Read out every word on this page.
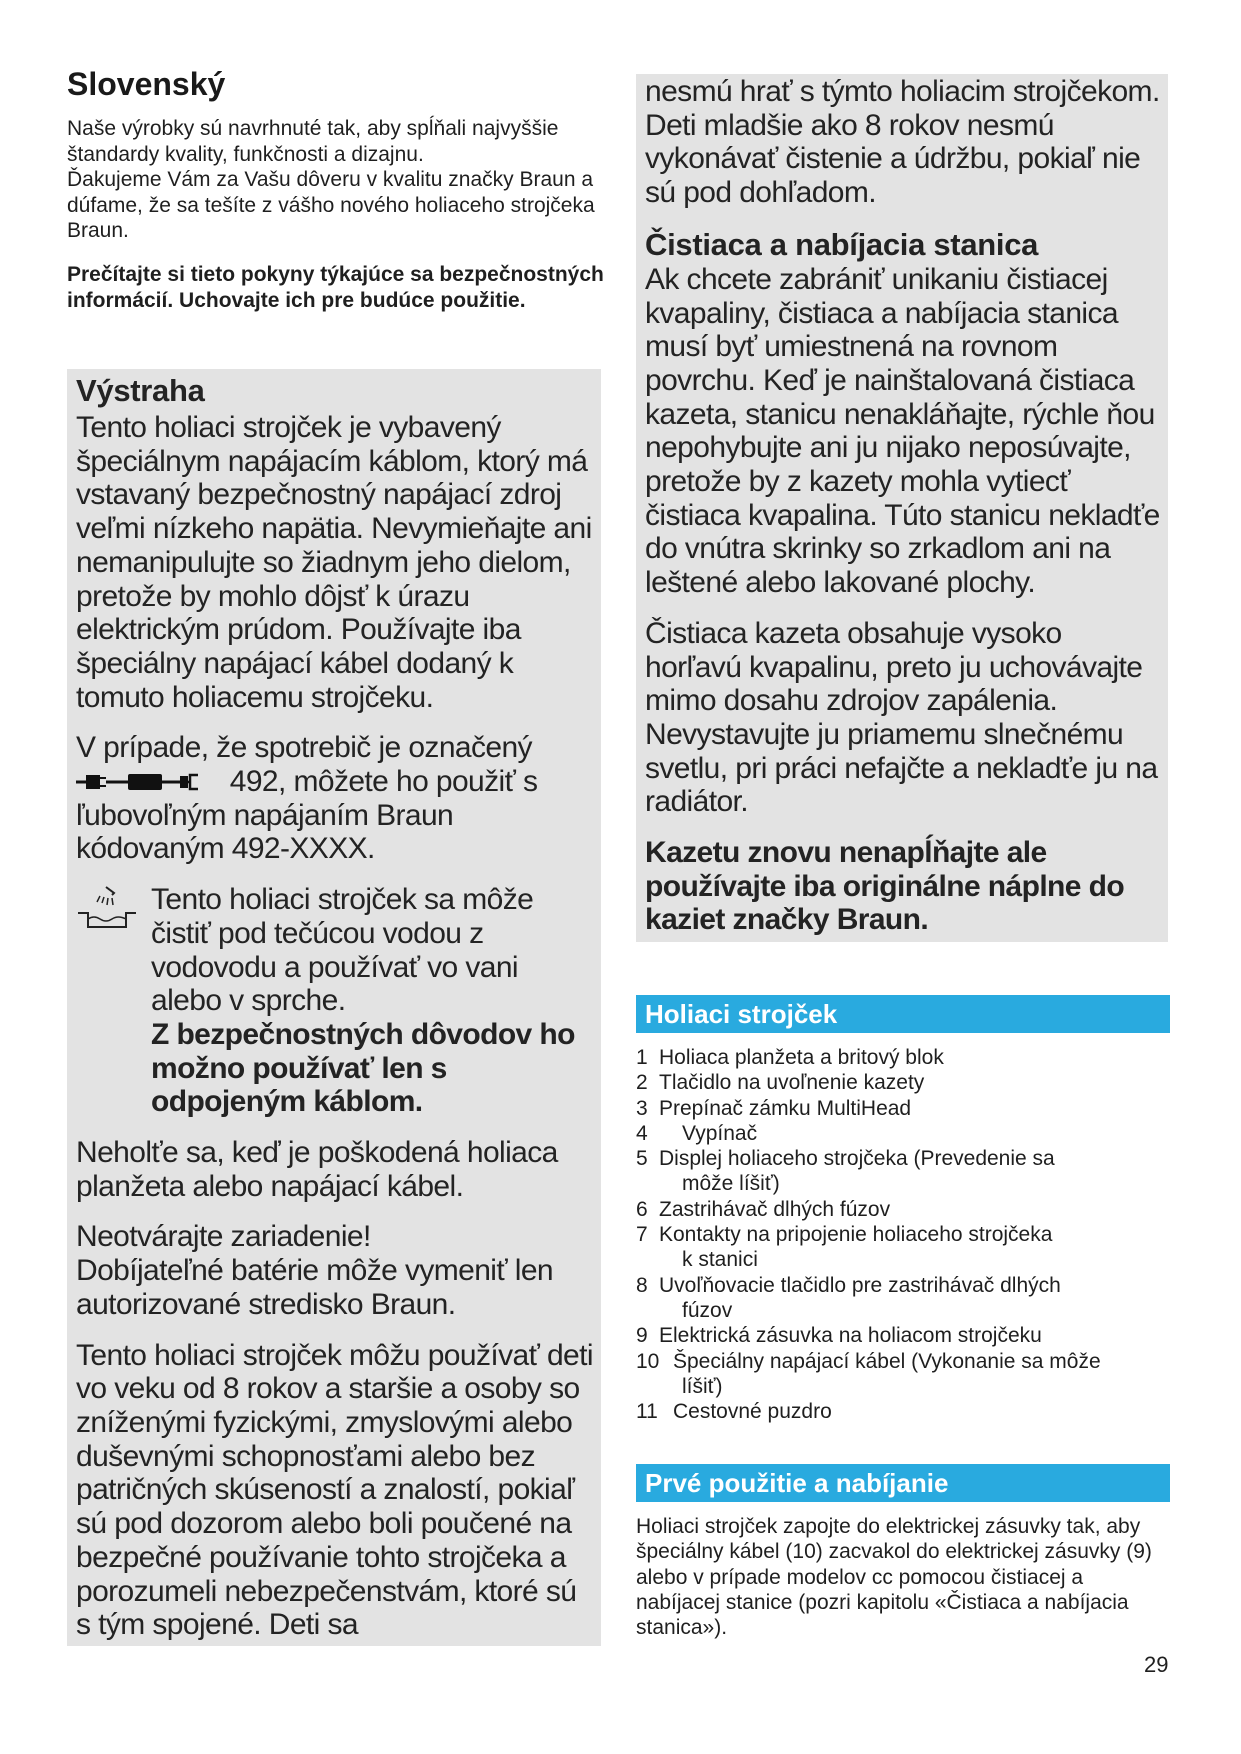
Slovenský

Naše výrobky sú navrhnuté tak, aby spĺňali najvyššie štandardy kvality, funkčnosti a dizajnu.

Ďakujeme Vám za Vašu dôveru v kvalitu značky Braun a dúfame, že sa tešíte z vášho nového holiaceho strojčeka Braun.

Prečítajte si tieto pokyny týkajúce sa bezpečnostných informácií. Uchovajte ich pre budúce použitie.

Výstraha

Tento holiaci strojček je vybavený špeciálnym napájacím káblom, ktorý má vstavaný bezpečnostný napájací zdroj veľmi nízkeho napätia. Nevymieňajte ani nemanipulujte so žiadnym jeho dielom, pretože by mohlo dôjsť k úrazu elektrickým prúdom. Používajte iba špeciálny napájací kábel dodaný k tomuto holiacemu strojčeku.

V prípade, že spotrebič je označený
492, môžete ho použiť s ľubovoľným napájaním Braun kódovaným 492-XXXX.

Tento holiaci strojček sa môže čistiť pod tečúcou vodou z vodovodu a používať vo vani alebo v sprche.
Z bezpečnostných dôvodov ho možno používať len s odpojeným káblom.

Neholťe sa, keď je poškodená holiaca planžeta alebo napájací kábel.

Neotvárajte zariadenie!
Dobíjateľné batérie môže vymeniť len autorizované stredisko Braun.

Tento holiaci strojček môžu používať deti vo veku od 8 rokov a staršie a osoby so zníženými fyzickými, zmyslovými alebo duševnými schopnosťami alebo bez patričných skúseností a znalostí, pokiaľ sú pod dozorom alebo boli poučené na bezpečné používanie tohto strojčeka a porozumeli nebezpečenstvám, ktoré sú s tým spojené. Deti sa

nesmú hrať s týmto holiacim strojčekom. Deti mladšie ako 8 rokov nesmú vykonávať čistenie a údržbu, pokiaľ nie sú pod dohľadom.

Čistiaca a nabíjacia stanica

Ak chcete zabrániť unikaniu čistiacej kvapaliny, čistiaca a nabíjacia stanica musí byť umiestnená na rovnom povrchu. Keď je nainštalovaná čistiaca kazeta, stanicu nenakláňajte, rýchle ňou nepohybujte ani ju nijako neposúvajte, pretože by z kazety mohla vytiecť čistiaca kvapalina. Túto stanicu nekladťe do vnútra skrinky so zrkadlom ani na leštené alebo lakované plochy.

Čistiaca kazeta obsahuje vysoko horľavú kvapalinu, preto ju uchovávajte mimo dosahu zdrojov zapálenia. Nevystavujte ju priamemu slnečnému svetlu, pri práci nefajčte a nekladťe ju na radiátor.

Kazetu znovu nenapĺňajte ale používajte iba originálne náplne do kaziet značky Braun.

Holiaci strojček
1 Holiaca planžeta a britový blok
2 Tlačidlo na uvoľnenie kazety
3 Prepínač zámku MultiHead
4 Vypínač
5 Displej holiaceho strojčeka (Prevedenie sa
môže líšiť)
6 Zastrihávač dlhých fúzov
7 Kontakty na pripojenie holiaceho strojčeka
k stanici
8 Uvoľňovacie tlačidlo pre zastrihávač dlhých
fúzov
9 Elektrická zásuvka na holiacom strojčeku
10 Špeciálny napájací kábel (Vykonanie sa môže
líšiť)
11 Cestovné puzdro
Prvé použitie a nabíjanie

Holiaci strojček zapojte do elektrickej zásuvky tak, aby špeciálny kábel (10) zacvakol do elektrickej zásuvky (9) alebo v prípade modelov cc pomocou čistiacej a nabíjacej stanice (pozri kapitolu «Čistiaca a nabíjacia stanica»).

29
